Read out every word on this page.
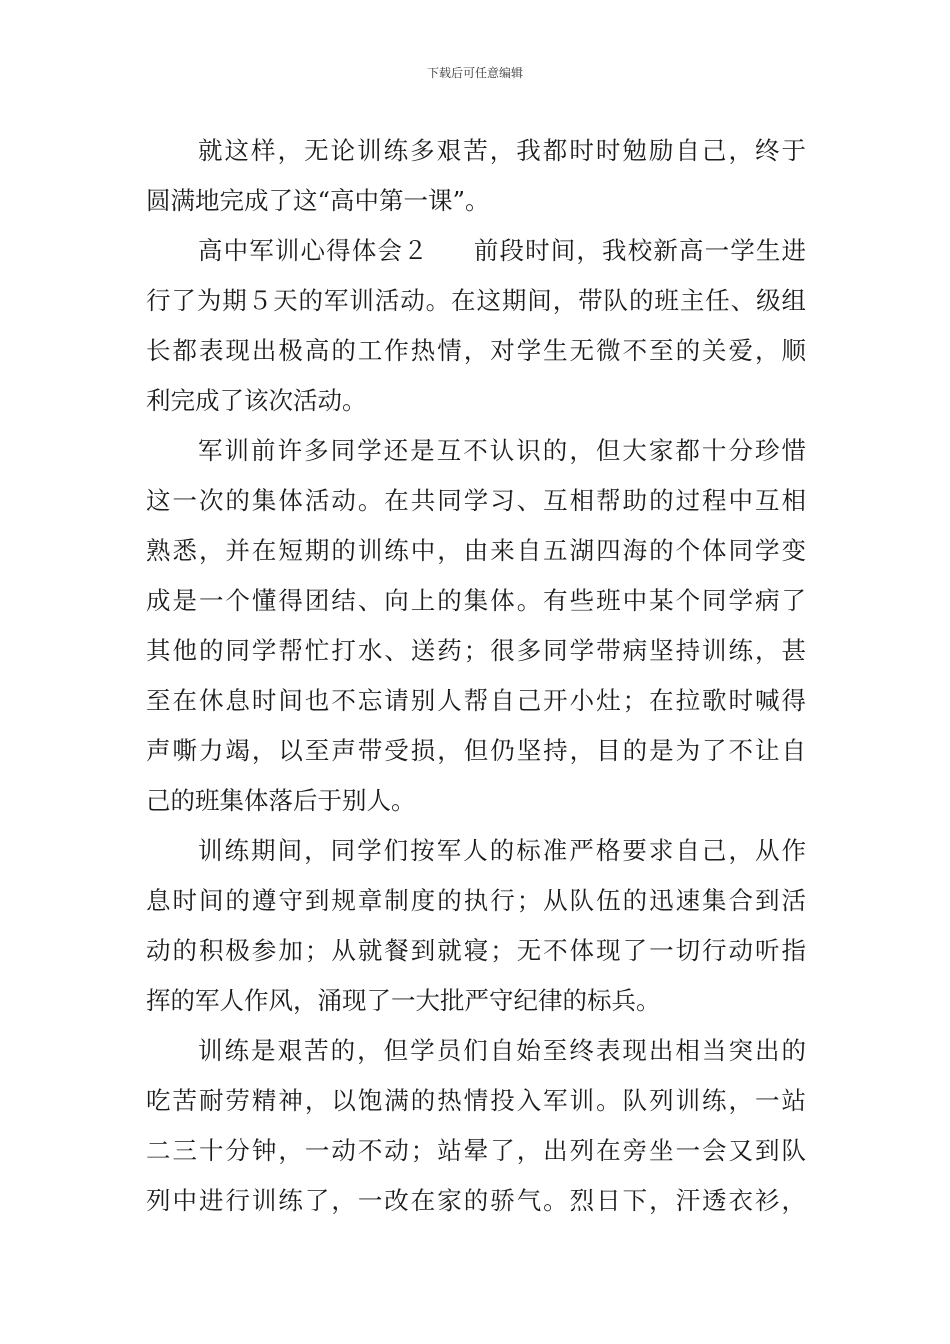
下载后可任意编辑
就这样，无论训练多艰苦，我都时时勉励自己，终于
圆满地完成了这“高中第一课”。
高中军训心得体会２ 前段时间，我校新高一学生进
行了为期５天的军训活动。在这期间，带队的班主任、级组
长都表现出极高的工作热情，对学生无微不至的关爱，顺
利完成了该次活动。
军训前许多同学还是互不认识的，但大家都十分珍惜
这一次的集体活动。在共同学习、互相帮助的过程中互相
熟悉，并在短期的训练中，由来自五湖四海的个体同学变
成是一个懂得团结、向上的集体。有些班中某个同学病了
其他的同学帮忙打水、送药；很多同学带病坚持训练，甚
至在休息时间也不忘请别人帮自己开小灶；在拉歌时喊得
声嘶力竭，以至声带受损，但仍坚持，目的是为了不让自
己的班集体落后于别人。
训练期间，同学们按军人的标准严格要求自己，从作
息时间的遵守到规章制度的执行；从队伍的迅速集合到活
动的积极参加；从就餐到就寝；无不体现了一切行动听指
挥的军人作风，涌现了一大批严守纪律的标兵。
训练是艰苦的，但学员们自始至终表现出相当突出的
吃苦耐劳精神，以饱满的热情投入军训。队列训练，一站
二三十分钟，一动不动；站晕了，出列在旁坐一会又到队
列中进行训练了，一改在家的骄气。烈日下，汗透衣衫，
